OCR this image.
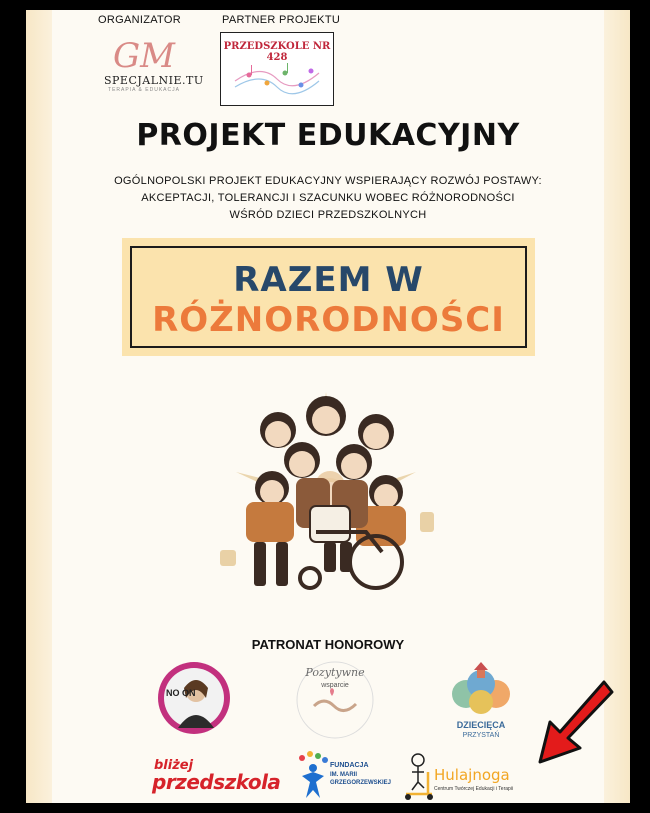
ORGANIZATOR	PARTNER PROJEKTU
GM
SPECJALNIE.TU
TERAPIA & EDUKACJA
PRZEDSZKOLE NR 428
PROJEKT EDUKACYJNY
OGÓLNOPOLSKI PROJEKT EDUKACYJNY WSPIERAJĄCY ROZWÓJ POSTAWY:
AKCEPTACJI, TOLERANCJI I SZACUNKU WOBEC RÓŻNORODNOŚCI
WŚRÓD DZIECI PRZEDSZKOLNYCH
RAZEM W
RÓŻNORODNOŚCI
PATRONAT HONOROWY
NO ON
Pozytywne
wsparcie
DZIECIĘCA
PRZYSTAŃ
bliżej
przedszkola
FUNDACJA
IM. MARII GRZEGORZEWSKIEJ	Hulajnoga
Centrum Twórczej Edukacji i Terapii
